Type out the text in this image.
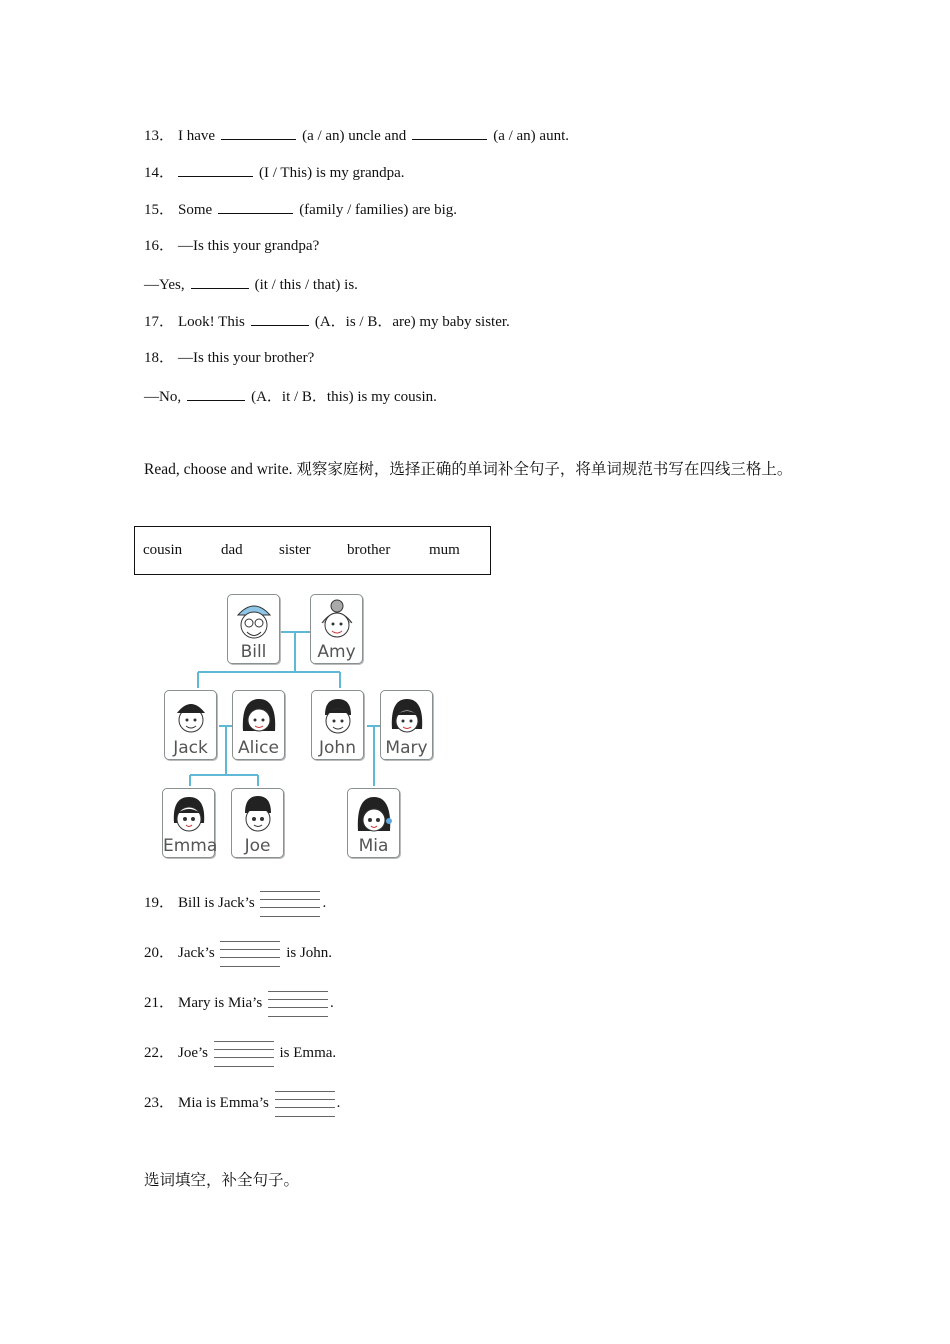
13． I have	(a / an) uncle and	(a / an) aunt.
14．	(I / This) is my grandpa.
15． Some	(family / families) are big.
16． —Is this your grandpa?
—Yes,	(it / this / that) is.
17． Look! This	(A．is / B．are) my baby sister.
18． —Is this your brother?
—No,	(A．it / B．this) is my cousin.
Read, choose and write. 观察家庭树，选择正确的单词补全句子，将单词规范书写在四线三格上。
cousin	dad sister brother	mum
Bill	Amy
Jack	Alice	John	Mary
Emma	Joe	Mia
19． Bill is Jack’s	.
20． Jack’s	is John.
21． Mary is Mia’s	.
22． Joe’s	is Emma.
23． Mia is Emma’s	.
选词填空，补全句子。
